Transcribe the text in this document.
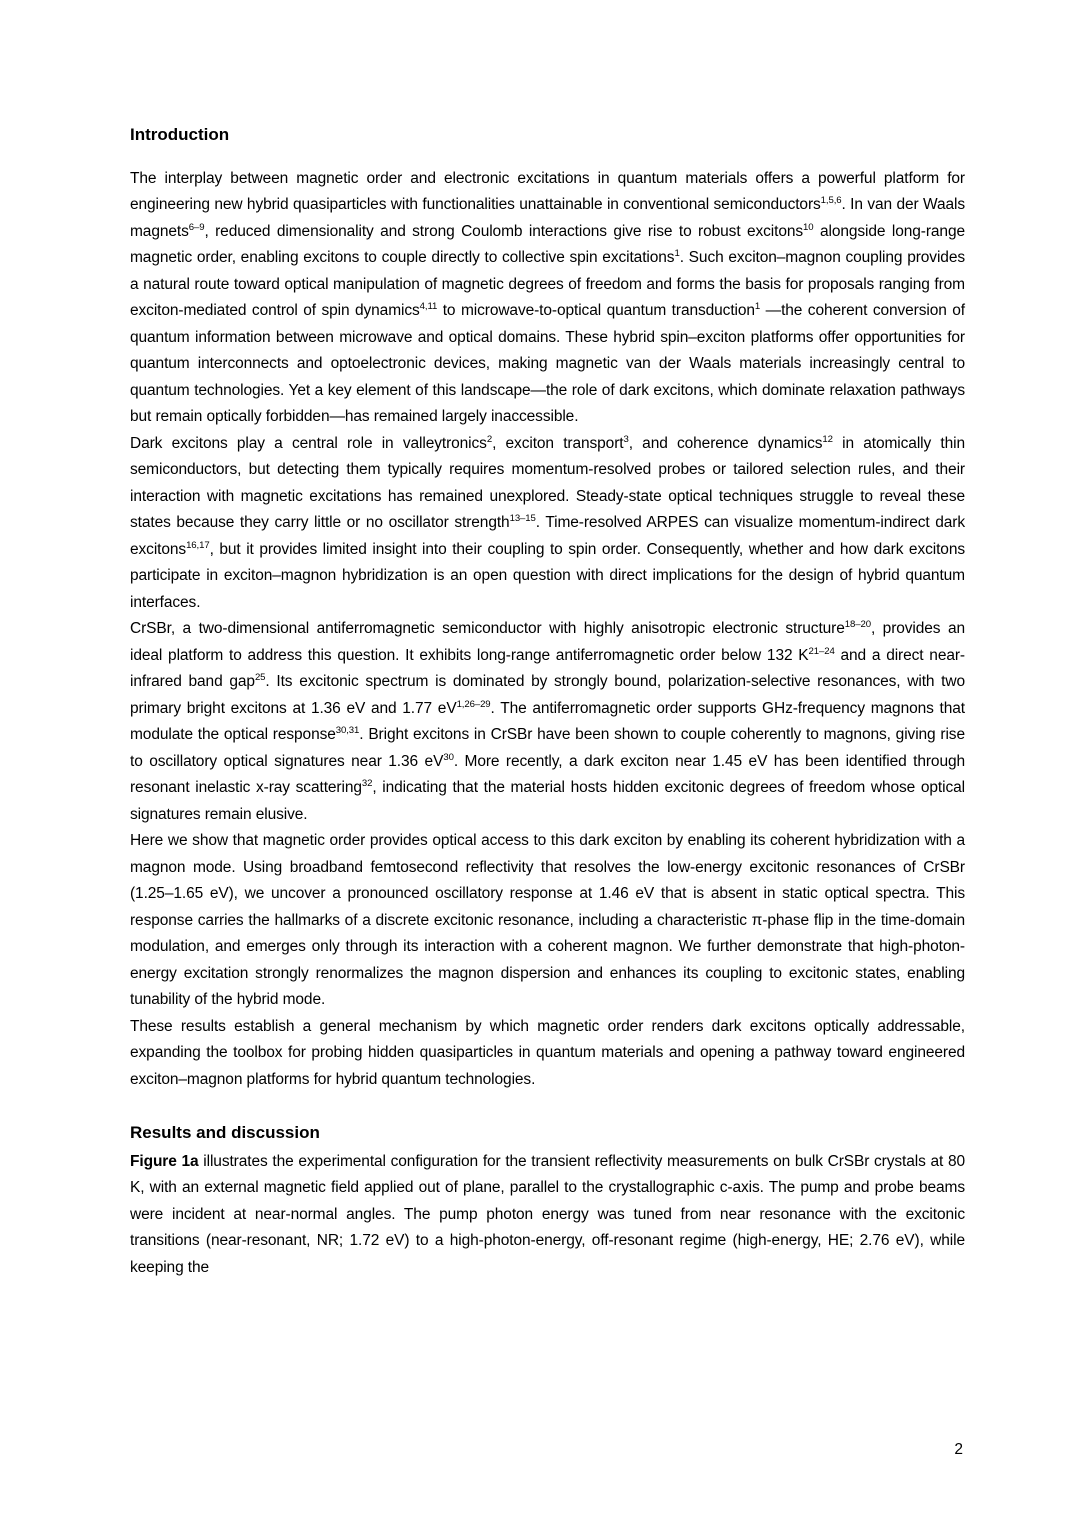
Introduction

The interplay between magnetic order and electronic excitations in quantum materials offers a powerful platform for engineering new hybrid quasiparticles with functionalities unattainable in conventional semiconductors$^{1,5,6}$. In van der Waals magnets$^{6-9}$, reduced dimensionality and strong Coulomb interactions give rise to robust excitons$^{10}$ alongside long-range magnetic order, enabling excitons to couple directly to collective spin excitations$^1$. Such exciton–magnon coupling provides a natural route toward optical manipulation of magnetic degrees of freedom and forms the basis for proposals ranging from exciton-mediated control of spin dynamics$^{4,11}$ to microwave-to-optical quantum transduction$^1$ —the coherent conversion of quantum information between microwave and optical domains. These hybrid spin–exciton platforms offer opportunities for quantum interconnects and optoelectronic devices, making magnetic van der Waals materials increasingly central to quantum technologies. Yet a key element of this landscape—the role of dark excitons, which dominate relaxation pathways but remain optically forbidden—has remained largely inaccessible.

Dark excitons play a central role in valleytronics$^2$, exciton transport$^3$, and coherence dynamics$^{12}$ in atomically thin semiconductors, but detecting them typically requires momentum-resolved probes or tailored selection rules, and their interaction with magnetic excitations has remained unexplored. Steady-state optical techniques struggle to reveal these states because they carry little or no oscillator strength$^{13-15}$. Time-resolved ARPES can visualize momentum-indirect dark excitons$^{16,17}$, but it provides limited insight into their coupling to spin order. Consequently, whether and how dark excitons participate in exciton–magnon hybridization is an open question with direct implications for the design of hybrid quantum interfaces.

CrSBr, a two-dimensional antiferromagnetic semiconductor with highly anisotropic electronic structure$^{18-20}$, provides an ideal platform to address this question. It exhibits long-range antiferromagnetic order below 132 $K^{21-24}$ and a direct near-infrared band gap$^{25}$. Its excitonic spectrum is dominated by strongly bound, polarization-selective resonances, with two primary bright excitons at 1.36 eV and 1.77 eV$^{1,26-29}$. The antiferromagnetic order supports GHz-frequency magnons that modulate the optical response$^{30,31}$. Bright excitons in CrSBr have been shown to couple coherently to magnons, giving rise to oscillatory optical signatures near 1.36 $eV^{30}$. More recently, a dark exciton near 1.45 eV has been identified through resonant inelastic x-ray scattering$^{32}$, indicating that the material hosts hidden excitonic degrees of freedom whose optical signatures remain elusive.

Here we show that magnetic order provides optical access to this dark exciton by enabling its coherent hybridization with a magnon mode. Using broadband femtosecond reflectivity that resolves the low-energy excitonic resonances of CrSBr (1.25–1.65 eV), we uncover a pronounced oscillatory response at 1.46 eV that is absent in static optical spectra. This response carries the hallmarks of a discrete excitonic resonance, including a characteristic π-phase flip in the time-domain modulation, and emerges only through its interaction with a coherent magnon. We further demonstrate that high-photon-energy excitation strongly renormalizes the magnon dispersion and enhances its coupling to excitonic states, enabling tunability of the hybrid mode.

These results establish a general mechanism by which magnetic order renders dark excitons optically addressable, expanding the toolbox for probing hidden quasiparticles in quantum materials and opening a pathway toward engineered exciton–magnon platforms for hybrid quantum technologies.

Results and discussion

Figure 1a illustrates the experimental configuration for the transient reflectivity measurements on bulk CrSBr crystals at 80 K, with an external magnetic field applied out of plane, parallel to the crystallographic c-axis. The pump and probe beams were incident at near-normal angles. The pump photon energy was tuned from near resonance with the excitonic transitions (near-resonant, NR; 1.72 eV) to a high-photon-energy, off-resonant regime (high-energy, HE; 2.76 eV), while keeping the

2
